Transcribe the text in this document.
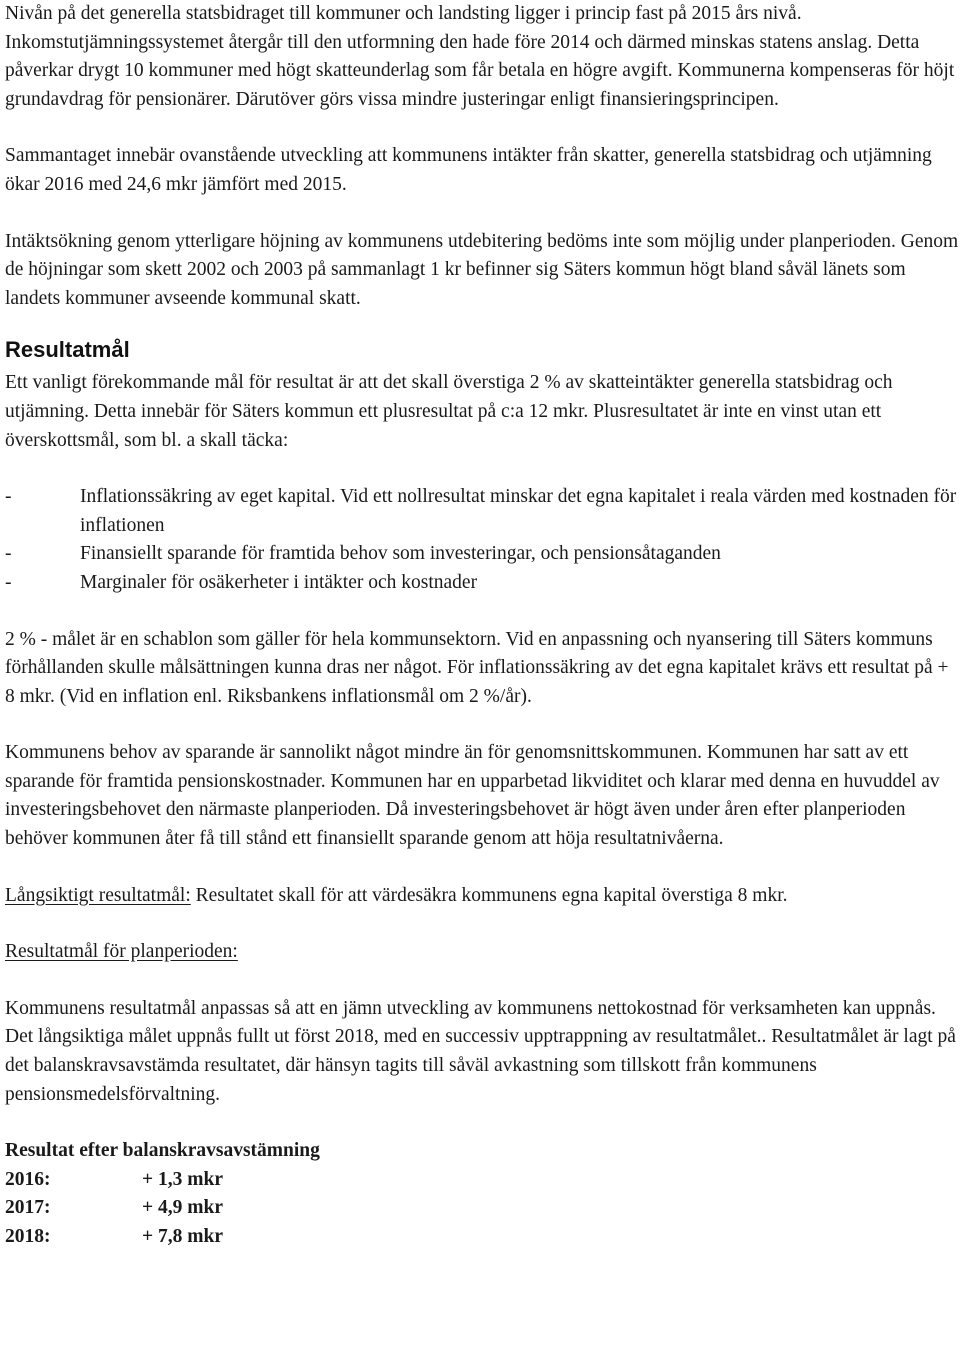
Nivån på det generella statsbidraget till kommuner och landsting ligger i princip fast på 2015 års nivå. Inkomstutjämningssystemet återgår till den utformning den hade före 2014 och därmed minskas statens anslag. Detta påverkar drygt 10 kommuner med högt skatteunderlag som får betala en högre avgift. Kommunerna kompenseras för höjt grundavdrag för pensionärer. Därutöver görs vissa mindre justeringar enligt finansieringsprincipen.

Sammantaget innebär ovanstående utveckling att kommunens intäkter från skatter, generella statsbidrag och utjämning ökar 2016 med 24,6 mkr jämfört med 2015.

Intäktsökning genom ytterligare höjning av kommunens utdebitering bedöms inte som möjlig under planperioden. Genom de höjningar som skett 2002 och 2003 på sammanlagt 1 kr befinner sig Säters kommun högt bland såväl länets som landets kommuner avseende kommunal skatt.

Resultatmål

Ett vanligt förekommande mål för resultat är att det skall överstiga 2 % av skatteintäkter generella statsbidrag och utjämning. Detta innebär för Säters kommun ett plusresultat på c:a 12 mkr. Plusresultatet är inte en vinst utan ett överskottsmål, som bl. a skall täcka:

-	Inflationssäkring av eget kapital. Vid ett nollresultat minskar det egna kapitalet i reala värden med kostnaden för inflationen
-	Finansiellt sparande för framtida behov som investeringar, och pensionsåtaganden
-	Marginaler för osäkerheter i intäkter och kostnader

2 % - målet är en schablon som gäller för hela kommunsektorn. Vid en anpassning och nyansering till Säters kommuns förhållanden skulle målsättningen kunna dras ner något. För inflationssäkring av det egna kapitalet krävs ett resultat på + 8 mkr. (Vid en inflation enl. Riksbankens inflationsmål om 2 %/år).

Kommunens behov av sparande är sannolikt något mindre än för genomsnittskommunen. Kommunen har satt av ett sparande för framtida pensionskostnader. Kommunen har en upparbetad likviditet och klarar med denna en huvuddel av investeringsbehovet den närmaste planperioden. Då investeringsbehovet är högt även under åren efter planperioden behöver kommunen åter få till stånd ett finansiellt sparande genom att höja resultatnivåerna.

Långsiktigt resultatmål: Resultatet skall för att värdesäkra kommunens egna kapital överstiga 8 mkr.

Resultatmål för planperioden:

Kommunens resultatmål anpassas så att en jämn utveckling av kommunens nettokostnad för verksamheten kan uppnås. Det långsiktiga målet uppnås fullt ut först 2018, med en successiv upptrappning av resultatmålet.. Resultatmålet är lagt på det balanskravsavstämda resultatet, där hänsyn tagits till såväl avkastning som tillskott från kommunens pensionsmedelsförvaltning.

Resultat efter balanskravsavstämning

2016:	+ 1,3 mkr
2017:	+ 4,9 mkr
2018:	+ 7,8 mkr
